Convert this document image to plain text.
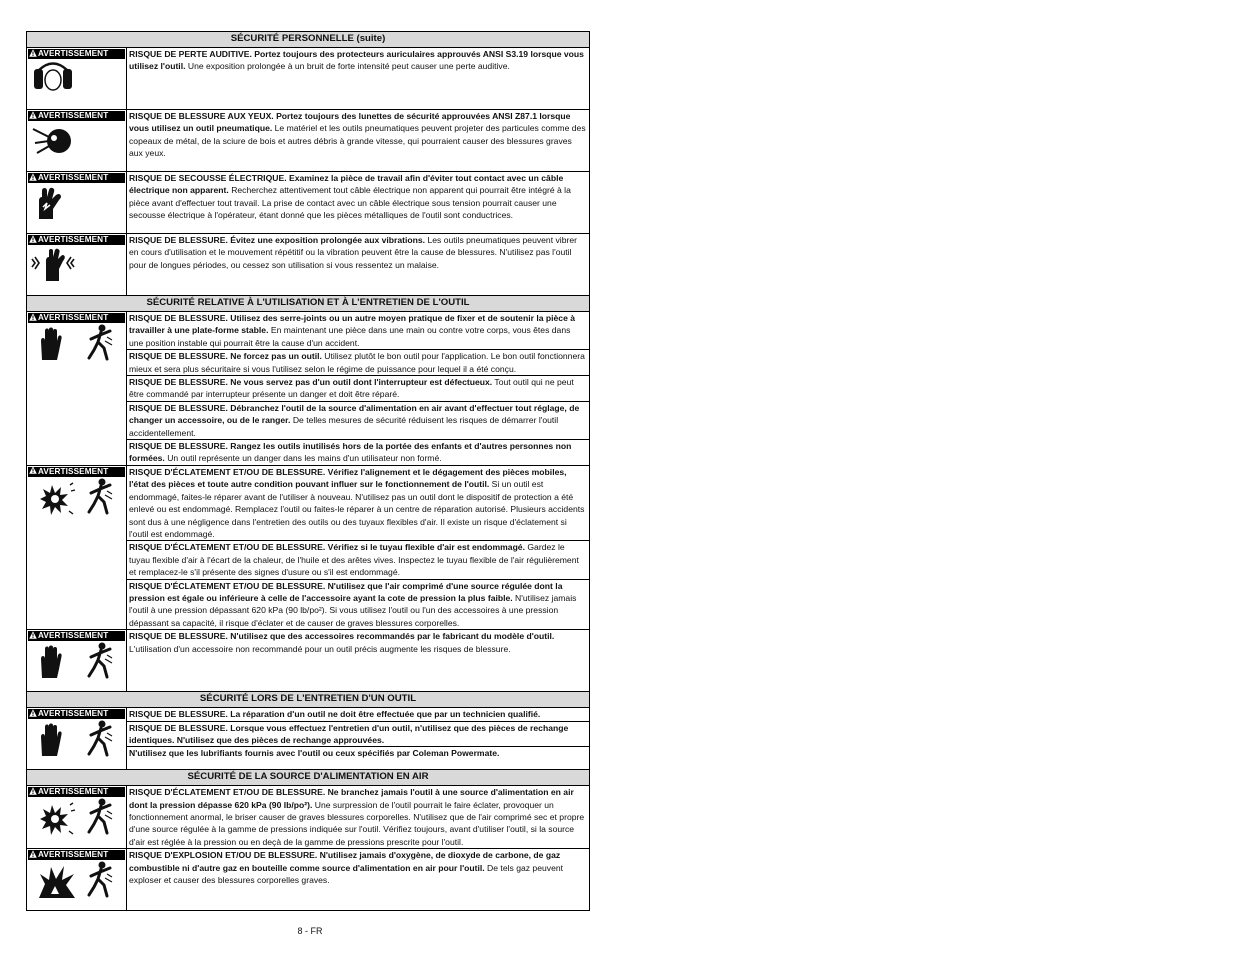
SÉCURITÉ PERSONNELLE (suite)
AVERTISSEMENT RISQUE DE PERTE AUDITIVE. Portez toujours des protecteurs auriculaires approuvés ANSI S3.19 lorsque vous utilisez l'outil. Une exposition prolongée à un bruit de forte intensité peut causer une perte auditive.
AVERTISSEMENT RISQUE DE BLESSURE AUX YEUX. Portez toujours des lunettes de sécurité approuvées ANSI Z87.1 lorsque vous utilisez un outil pneumatique. Le matériel et les outils pneumatiques peuvent projeter des particules comme des copeaux de métal, de la sciure de bois et autres débris à grande vitesse, qui pourraient causer des blessures graves aux yeux.
AVERTISSEMENT RISQUE DE SECOUSSE ÉLECTRIQUE. Examinez la pièce de travail afin d'éviter tout contact avec un câble électrique non apparent. Recherchez attentivement tout câble électrique non apparent qui pourrait être intégré à la pièce avant d'effectuer tout travail. La prise de contact avec un câble électrique sous tension pourrait causer une secousse électrique à l'opérateur, étant donné que les pièces métalliques de l'outil sont conductrices.
AVERTISSEMENT RISQUE DE BLESSURE. Évitez une exposition prolongée aux vibrations. Les outils pneumatiques peuvent vibrer en cours d'utilisation et le mouvement répétitif ou la vibration peuvent être la cause de blessures. N'utilisez pas l'outil pour de longues périodes, ou cessez son utilisation si vous ressentez un malaise.
SÉCURITÉ RELATIVE À L'UTILISATION ET À L'ENTRETIEN DE L'OUTIL
AVERTISSEMENT RISQUE DE BLESSURE. Utilisez des serre-joints ou un autre moyen pratique de fixer et de soutenir la pièce à travailler à une plate-forme stable. En maintenant une pièce dans une main ou contre votre corps, vous êtes dans une position instable qui pourrait être la cause d'un accident.
RISQUE DE BLESSURE. Ne forcez pas un outil. Utilisez plutôt le bon outil pour l'application. Le bon outil fonctionnera mieux et sera plus sécuritaire si vous l'utilisez selon le régime de puissance pour lequel il a été conçu.
RISQUE DE BLESSURE. Ne vous servez pas d'un outil dont l'interrupteur est défectueux. Tout outil qui ne peut être commandé par interrupteur présente un danger et doit être réparé.
RISQUE DE BLESSURE. Débranchez l'outil de la source d'alimentation en air avant d'effectuer tout réglage, de changer un accessoire, ou de le ranger. De telles mesures de sécurité réduisent les risques de démarrer l'outil accidentellement.
RISQUE DE BLESSURE. Rangez les outils inutilisés hors de la portée des enfants et d'autres personnes non formées. Un outil représente un danger dans les mains d'un utilisateur non formé.
AVERTISSEMENT RISQUE D'ÉCLATEMENT ET/OU DE BLESSURE. Vérifiez l'alignement et le dégagement des pièces mobiles, l'état des pièces et toute autre condition pouvant influer sur le fonctionnement de l'outil. Si un outil est endommagé, faites-le réparer avant de l'utiliser à nouveau. N'utilisez pas un outil dont le dispositif de protection a été enlevé ou est endommagé. Remplacez l'outil ou faites-le réparer à un centre de réparation autorisé. Plusieurs accidents sont dus à une négligence dans l'entretien des outils ou des tuyaux flexibles d'air. Il existe un risque d'éclatement si l'outil est endommagé.
RISQUE D'ÉCLATEMENT ET/OU DE BLESSURE. Vérifiez si le tuyau flexible d'air est endommagé. Gardez le tuyau flexible d'air à l'écart de la chaleur, de l'huile et des arêtes vives. Inspectez le tuyau flexible de l'air régulièrement et remplacez-le s'il présente des signes d'usure ou s'il est endommagé.
RISQUE D'ÉCLATEMENT ET/OU DE BLESSURE. N'utilisez que l'air comprimé d'une source régulée dont la pression est égale ou inférieure à celle de l'accessoire ayant la cote de pression la plus faible. N'utilisez jamais l'outil à une pression dépassant 620 kPa (90 lb/po²). Si vous utilisez l'outil ou l'un des accessoires à une pression dépassant sa capacité, il risque d'éclater et de causer de graves blessures corporelles.
AVERTISSEMENT RISQUE DE BLESSURE. N'utilisez que des accessoires recommandés par le fabricant du modèle d'outil. L'utilisation d'un accessoire non recommandé pour un outil précis augmente les risques de blessure.
SÉCURITÉ LORS DE L'ENTRETIEN D'UN OUTIL
AVERTISSEMENT RISQUE DE BLESSURE. La réparation d'un outil ne doit être effectuée que par un technicien qualifié.
RISQUE DE BLESSURE. Lorsque vous effectuez l'entretien d'un outil, n'utilisez que des pièces de rechange identiques. N'utilisez que des pièces de rechange approuvées.
N'utilisez que les lubrifiants fournis avec l'outil ou ceux spécifiés par Coleman Powermate.
SÉCURITÉ DE LA SOURCE D'ALIMENTATION EN AIR
AVERTISSEMENT RISQUE D'ÉCLATEMENT ET/OU DE BLESSURE. Ne branchez jamais l'outil à une source d'alimentation en air dont la pression dépasse 620 kPa (90 lb/po²). Une surpression de l'outil pourrait le faire éclater, provoquer un fonctionnement anormal, le briser causer de graves blessures corporelles. N'utilisez que de l'air comprimé sec et propre d'une source régulée à la gamme de pressions indiquée sur l'outil. Vérifiez toujours, avant d'utiliser l'outil, si la source d'air est réglée à la pression ou en deçà de la gamme de pressions prescrite pour l'outil.
AVERTISSEMENT RISQUE D'EXPLOSION ET/OU DE BLESSURE. N'utilisez jamais d'oxygène, de dioxyde de carbone, de gaz combustible ni d'autre gaz en bouteille comme source d'alimentation en air pour l'outil. De tels gaz peuvent exploser et causer des blessures corporelles graves.
8 - FR
